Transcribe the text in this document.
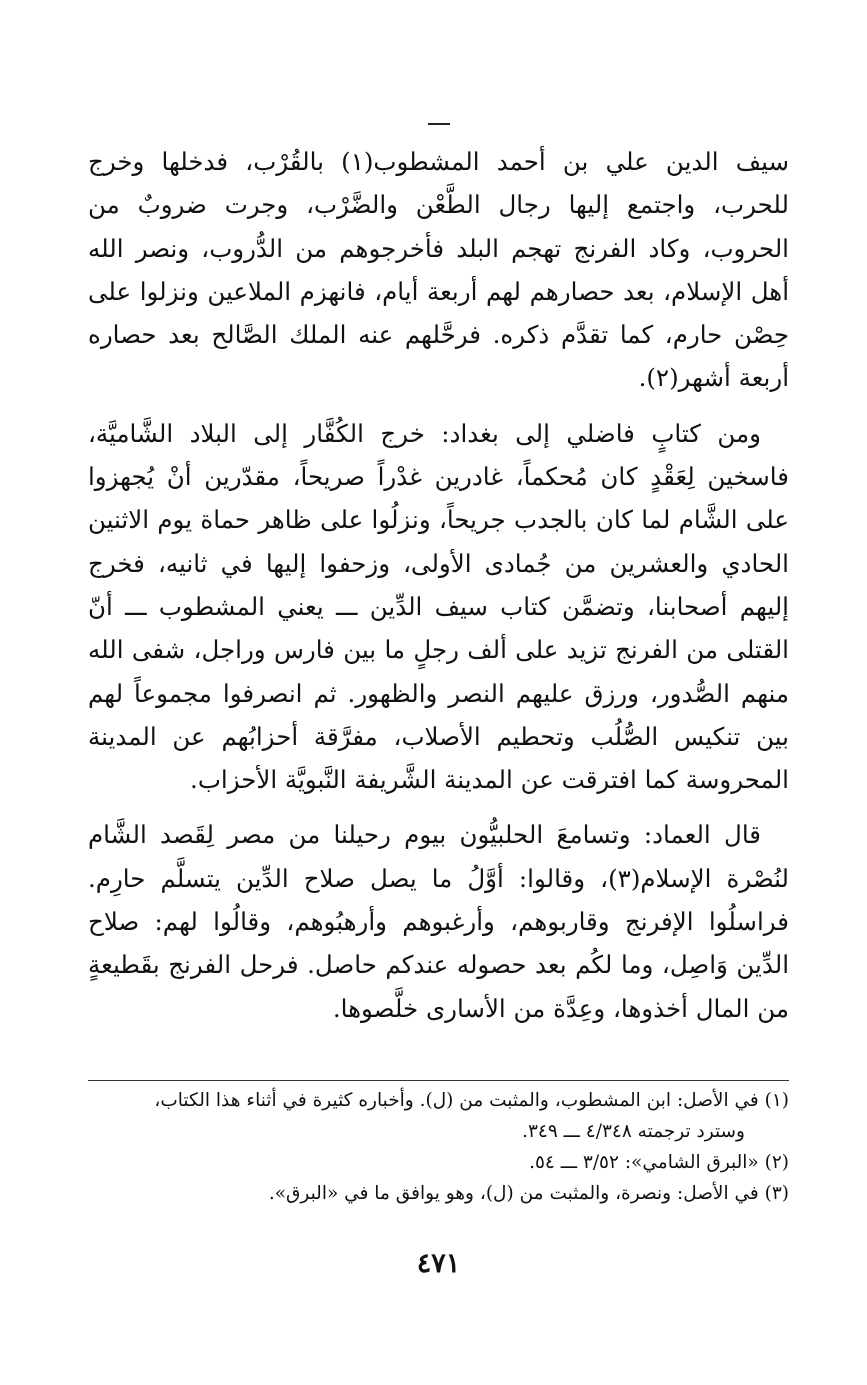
سيف الدين علي بن أحمد المشطوب(١) بالقُرْب، فدخلها وخرج للحرب، واجتمع إليها رجال الطَّعْن والضَّرْب، وجرت ضروبٌ من الحروب، وكاد الفرنج تهجم البلد فأخرجوهم من الدُّروب، ونصر الله أهل الإسلام، بعد حصارهم لهم أربعة أيام، فانهزم الملاعين ونزلوا على حِصْن حارم، كما تقدَّم ذكره. فرحَّلهم عنه الملك الصَّالح بعد حصاره أربعة أشهر(٢).

ومن كتابٍ فاضلي إلى بغداد: خرج الكُفَّار إلى البلاد الشَّاميَّة، فاسخين لِعَقْدٍ كان مُحكماً، غادرين غدْراً صريحاً، مقدّرين أنْ يُجهزوا على الشَّام لما كان بالجدب جريحاً، ونزلُوا على ظاهر حماة يوم الاثنين الحادي والعشرين من جُمادى الأولى، وزحفوا إليها في ثانيه، فخرج إليهم أصحابنا، وتضمَّن كتاب سيف الدِّين ـــ يعني المشطوب ـــ أنّ القتلى من الفرنج تزيد على ألف رجلٍ ما بين فارس وراجل، شفى الله منهم الصُّدور، ورزق عليهم النصر والظهور. ثم انصرفوا مجموعاً لهم بين تنكيس الصُّلُب وتحطيم الأصلاب، مفرَّقة أحزابُهم عن المدينة المحروسة كما افترقت عن المدينة الشَّريفة النَّبويَّة الأحزاب.

قال العماد: وتسامعَ الحلبيُّون بيوم رحيلنا من مصر لِقَصد الشَّام لنُصْرة الإسلام(٣)، وقالوا: أوَّلُ ما يصل صلاح الدِّين يتسلَّم حارِم. فراسلُوا الإفرنج وقاربوهم، وأرغبوهم وأرهبُوهم، وقالُوا لهم: صلاح الدِّين وَاصِل، وما لكُم بعد حصوله عندكم حاصل. فرحل الفرنج بقَطيعةٍ من المال أخذوها، وعِدَّة من الأسارى خلَّصوها.

(١) في الأصل: ابن المشطوب، والمثبت من (ل). وأخباره كثيرة في أثناء هذا الكتاب،

وسترد ترجمته ٤/٣٤٨ ـــ ٣٤٩.

(٢) «البرق الشامي»: ٣/٥٢ ـــ ٥٤.

(٣) في الأصل: ونصرة، والمثبت من (ل)، وهو يوافق ما في «البرق».

٤٧١
